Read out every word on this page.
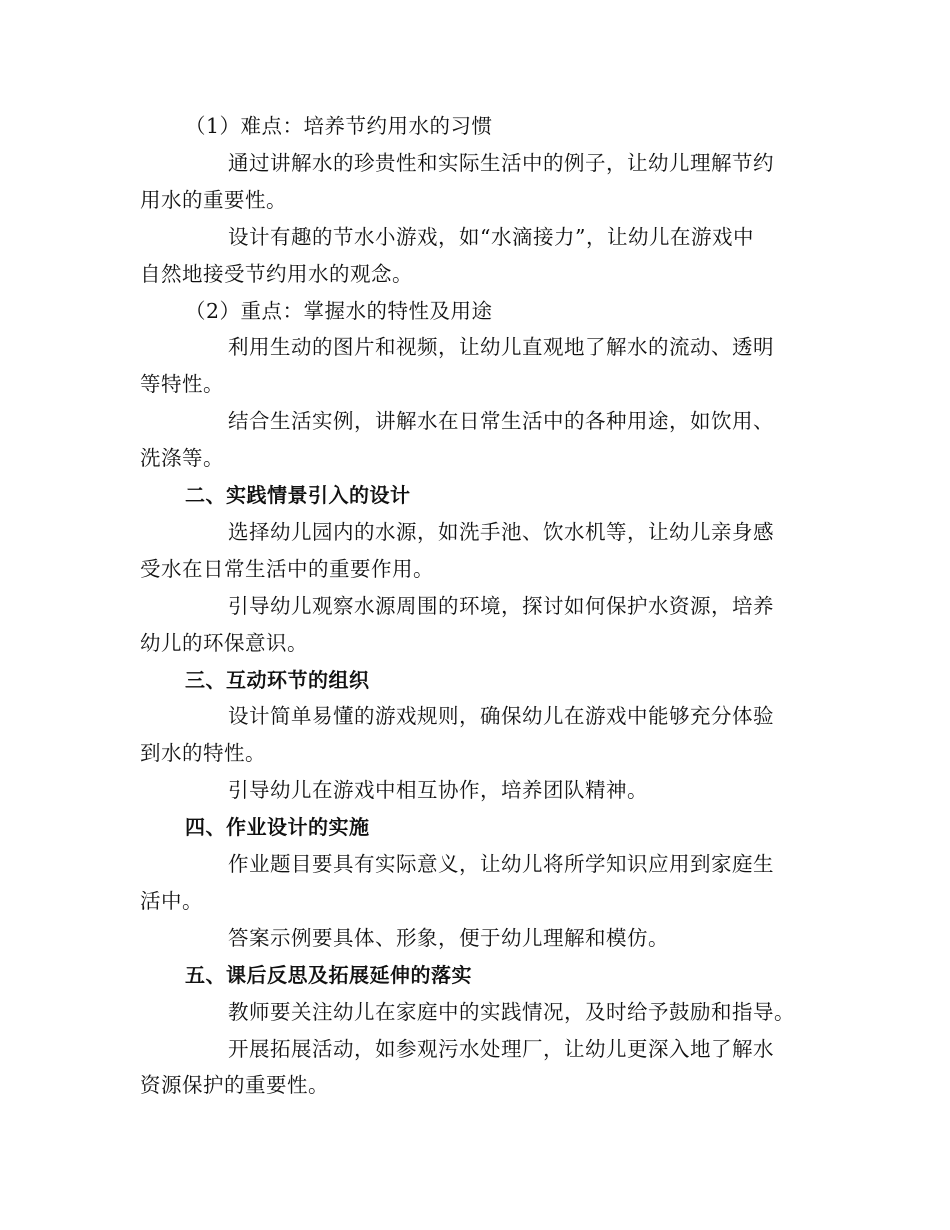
（1）难点：培养节约用水的习惯
通过讲解水的珍贵性和实际生活中的例子，让幼儿理解节约
用水的重要性。
设计有趣的节水小游戏，如“水滴接力”，让幼儿在游戏中
自然地接受节约用水的观念。
（2）重点：掌握水的特性及用途
利用生动的图片和视频，让幼儿直观地了解水的流动、透明
等特性。
结合生活实例，讲解水在日常生活中的各种用途，如饮用、
洗涤等。
二、实践情景引入的设计
选择幼儿园内的水源，如洗手池、饮水机等，让幼儿亲身感
受水在日常生活中的重要作用。
引导幼儿观察水源周围的环境，探讨如何保护水资源，培养
幼儿的环保意识。
三、互动环节的组织
设计简单易懂的游戏规则，确保幼儿在游戏中能够充分体验
到水的特性。
引导幼儿在游戏中相互协作，培养团队精神。
四、作业设计的实施
作业题目要具有实际意义，让幼儿将所学知识应用到家庭生
活中。
答案示例要具体、形象，便于幼儿理解和模仿。
五、课后反思及拓展延伸的落实
教师要关注幼儿在家庭中的实践情况，及时给予鼓励和指导。
开展拓展活动，如参观污水处理厂，让幼儿更深入地了解水
资源保护的重要性。
